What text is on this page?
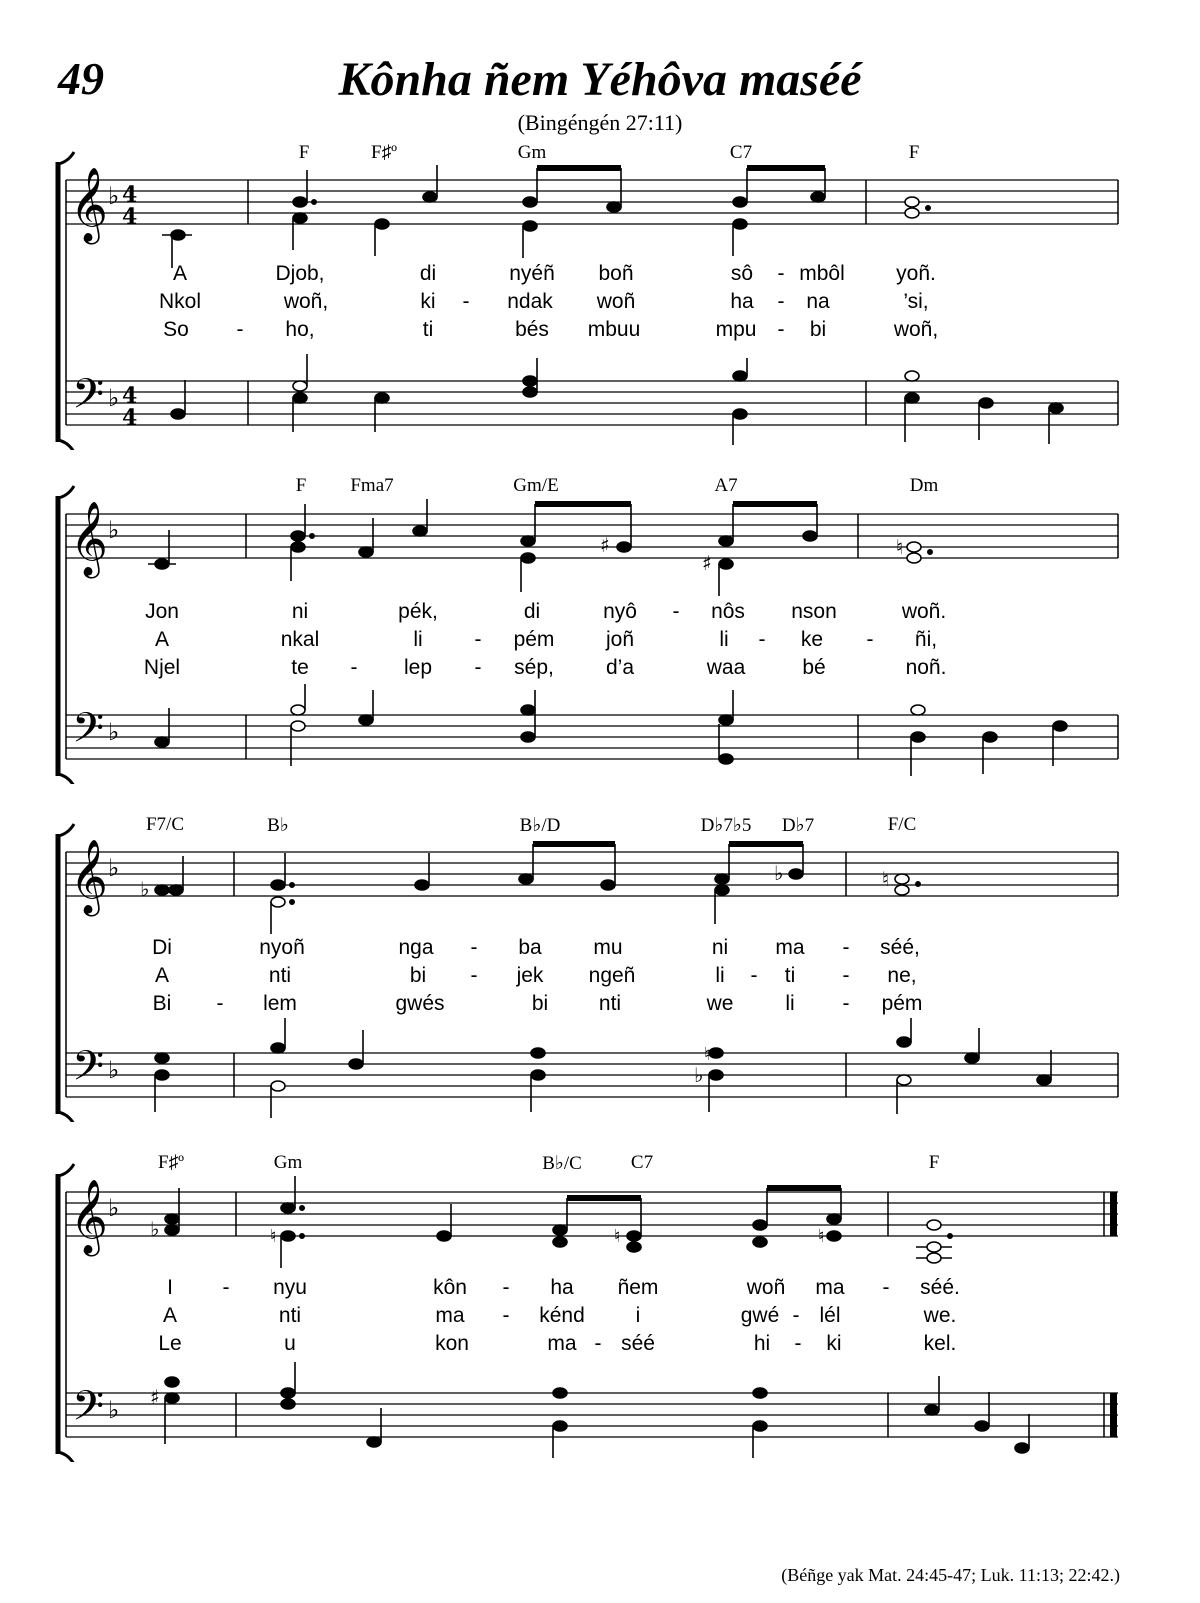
49	Kônha ñem Yéhôva maséé
(Bingéngén 27:11)
F	F♯º	Gm	C7	F
𝄞
𝄢
♭
♭
4
4
4
4
A	Djob,	di	nyéñ boñ	sô - mbôl yoñ.
Nkol	woñ,	ki - ndak woñ	ha - na	’si,
So - ho,	ti	bés mbuu	mpu - bi	woñ,
F Fma7	Gm/E	A7	Dm
𝄞
𝄢
♭
♭
♯
♯
♮
Jon	ni	pék,	di	nyô - nôs nson	woñ.
A	nkal	li - pém joñ	li - ke - ñi,
Njel	te - lep - sép, d’a	waa	bé	noñ.
F7/C	B♭	B♭/D	D♭7♭5 D♭7	F/C
𝄞
𝄢
♭
♭
♭
♭	♮
♭
♮
Di	nyoñ	nga - ba mu	ni ma - séé,
A	nti	bi - jek ngeñ	li - ti - ne,
Bi - lem	gwés	bi nti	we li - pém
F♯º	Gm	B♭/C	C7	F
𝄞
𝄢
♭
♭
♭	♮	♮	♮
♯
I - nyu	kôn - ha ñem	woñ ma - séé.
A	nti	ma - kénd i	gwé - lél	we.
Le	u	kon	ma - séé	hi - ki	kel.
(Béñge yak Mat. 24:45-47; Luk. 11:13; 22:42.)
